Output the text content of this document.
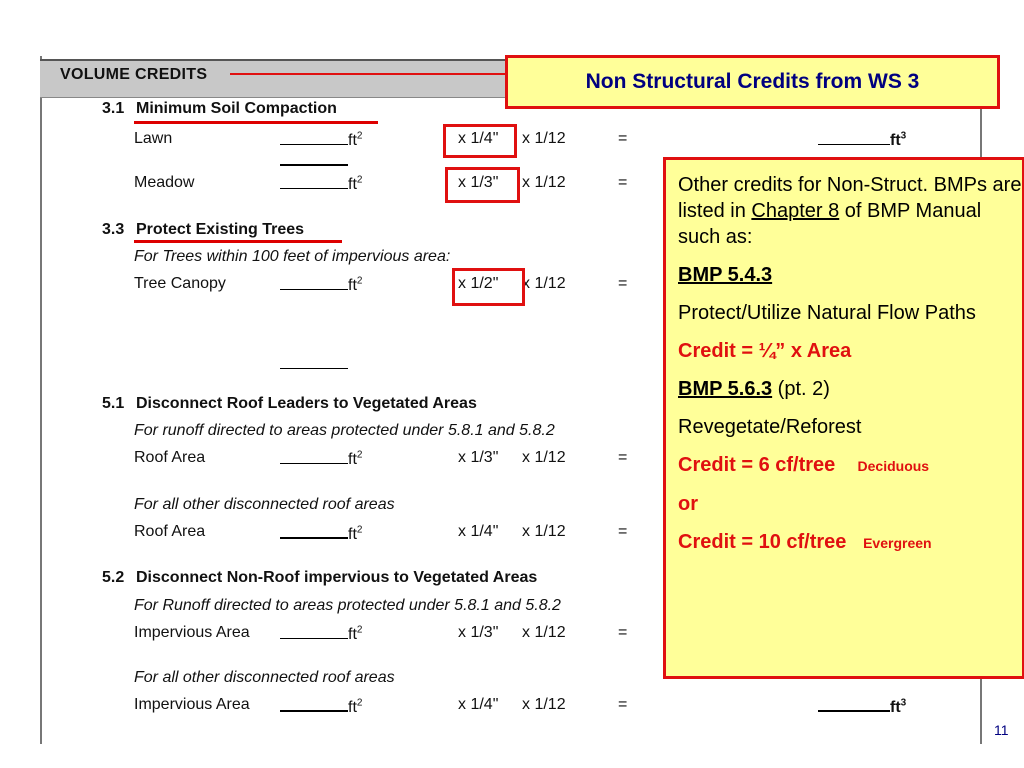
VOLUME CREDITS
3.1 Minimum Soil Compaction
Lawn	$ft^2$	x 1/4" x 1/12	=	$ft^3$
Meadow	$ft^2$	x 1/3" x 1/12	=
3.3 Protect Existing Trees
For Trees within 100 feet of impervious area:
Tree Canopy	$ft^2$	x 1/2" x 1/12	=
5.1 Disconnect Roof Leaders to Vegetated Areas
For runoff directed to areas protected under 5.8.1 and 5.8.2
Roof Area	$ft^2$	x 1/3" x 1/12	=
For all other disconnected roof areas
Roof Area	$ft^2$	x 1/4" x 1/12	=
5.2 Disconnect Non-Roof impervious to Vegetated Areas
For Runoff directed to areas protected under 5.8.1 and 5.8.2
Impervious Area	$ft^2$	x 1/3" x 1/12	=
For all other disconnected roof areas
Impervious Area	$ft^2$	x 1/4" x 1/12	=	$ft^3$
Non Structural Credits from WS 3

Other credits for Non-Struct. BMPs are listed in Chapter 8 of BMP Manual such as:

BMP 5.4.3

Protect/Utilize Natural Flow Paths

Credit = ¼” x Area

BMP 5.6.3 (pt. 2)

Revegetate/Reforest

Credit = 6 cf/tree Deciduous

or

Credit = 10 cf/tree Evergreen

11
